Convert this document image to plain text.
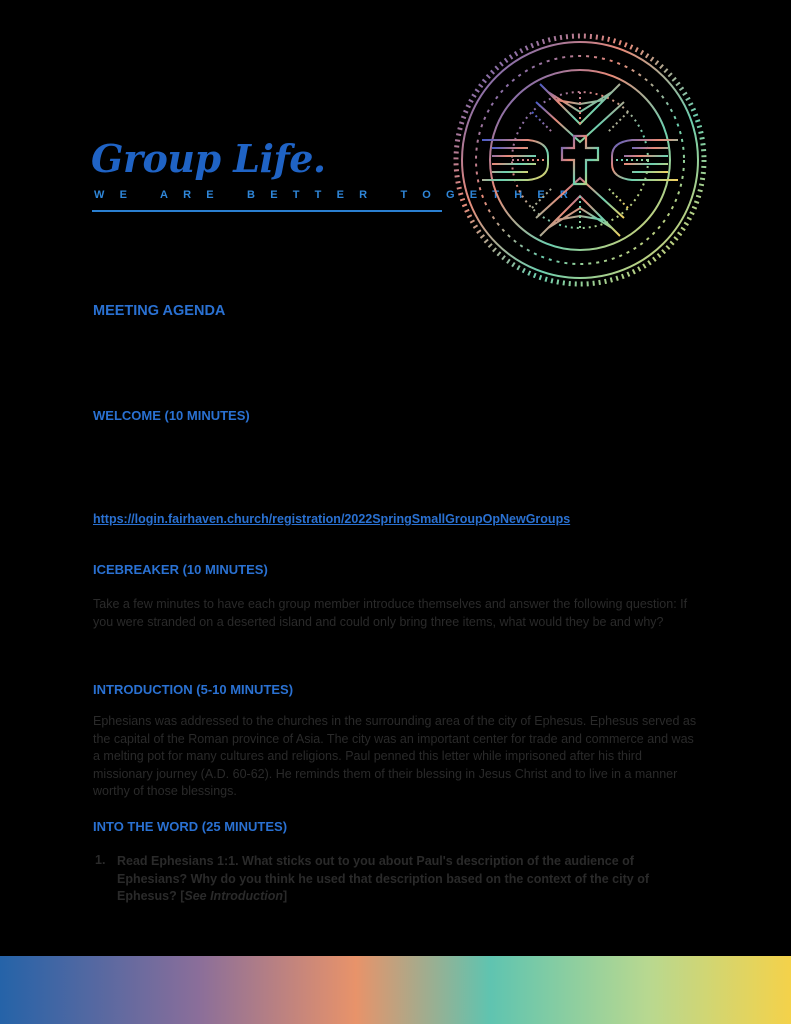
Group Life.
WE ARE BETTER TOGETHER
MEETING AGENDA
WELCOME (10 MINUTES)
https://login.fairhaven.church/registration/2022SpringSmallGroupOpNewGroups
ICEBREAKER (10 MINUTES)
Take a few minutes to have each group member introduce themselves and answer the following question: If you were stranded on a deserted island and could only bring three items, what would they be and why?
INTRODUCTION (5-10 MINUTES)
Ephesians was addressed to the churches in the surrounding area of the city of Ephesus. Ephesus served as the capital of the Roman province of Asia. The city was an important center for trade and commerce and was a melting pot for many cultures and religions. Paul penned this letter while imprisoned after his third missionary journey (A.D. 60-62). He reminds them of their blessing in Jesus Christ and to live in a manner worthy of those blessings.
INTO THE WORD (25 MINUTES)
1. Read Ephesians 1:1. What sticks out to you about Paul's description of the audience of Ephesians? Why do you think he used that description based on the context of the city of Ephesus? [See Introduction]
